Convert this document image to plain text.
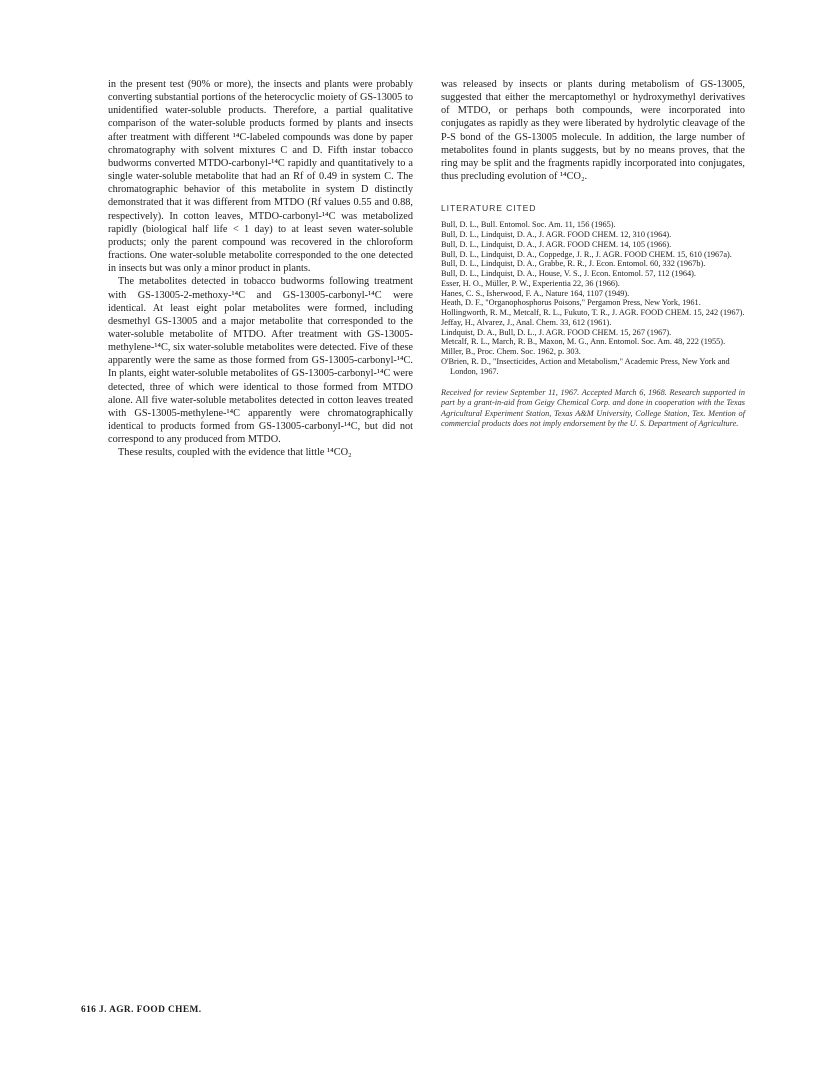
in the present test (90% or more), the insects and plants were probably converting substantial portions of the heterocyclic moiety of GS-13005 to unidentified water-soluble products. Therefore, a partial qualitative comparison of the water-soluble products formed by plants and insects after treatment with different ¹⁴C-labeled compounds was done by paper chromatography with solvent mixtures C and D. Fifth instar tobacco budworms converted MTDO-carbonyl-¹⁴C rapidly and quantitatively to a single water-soluble metabolite that had an Rf of 0.49 in system C. The chromatographic behavior of this metabolite in system D distinctly demonstrated that it was different from MTDO (Rf values 0.55 and 0.88, respectively). In cotton leaves, MTDO-carbonyl-¹⁴C was metabolized rapidly (biological half life < 1 day) to at least seven water-soluble products; only the parent compound was recovered in the chloroform fractions. One water-soluble metabolite corresponded to the one detected in insects but was only a minor product in plants.

The metabolites detected in tobacco budworms following treatment with GS-13005-2-methoxy-¹⁴C and GS-13005-carbonyl-¹⁴C were identical. At least eight polar metabolites were formed, including desmethyl GS-13005 and a major metabolite that corresponded to the water-soluble metabolite of MTDO. After treatment with GS-13005-methylene-¹⁴C, six water-soluble metabolites were detected. Five of these apparently were the same as those formed from GS-13005-carbonyl-¹⁴C. In plants, eight water-soluble metabolites of GS-13005-carbonyl-¹⁴C were detected, three of which were identical to those formed from MTDO alone. All five water-soluble metabolites detected in cotton leaves treated with GS-13005-methylene-¹⁴C apparently were chromatographically identical to products formed from GS-13005-carbonyl-¹⁴C, but did not correspond to any produced from MTDO.

These results, coupled with the evidence that little ¹⁴CO₂

was released by insects or plants during metabolism of GS-13005, suggested that either the mercaptomethyl or hydroxymethyl derivatives of MTDO, or perhaps both compounds, were incorporated into conjugates as rapidly as they were liberated by hydrolytic cleavage of the P-S bond of the GS-13005 molecule. In addition, the large number of metabolites found in plants suggests, but by no means proves, that the ring may be split and the fragments rapidly incorporated into conjugates, thus precluding evolution of ¹⁴CO₂.

LITERATURE CITED

Bull, D. L., Bull. Entomol. Soc. Am. 11, 156 (1965).

Bull, D. L., Lindquist, D. A., J. AGR. FOOD CHEM. 12, 310 (1964).

Bull, D. L., Lindquist, D. A., J. AGR. FOOD CHEM. 14, 105 (1966).

Bull, D. L., Lindquist, D. A., Coppedge, J. R., J. AGR. FOOD CHEM. 15, 610 (1967a).

Bull, D. L., Lindquist, D. A., Grabbe, R. R., J. Econ. Entomol. 60, 332 (1967b).

Bull, D. L., Lindquist, D. A., House, V. S., J. Econ. Entomol. 57, 112 (1964).

Esser, H. O., Müller, P. W., Experientia 22, 36 (1966).

Hanes, C. S., Isherwood, F. A., Nature 164, 1107 (1949).

Heath, D. F., "Organophosphorus Poisons," Pergamon Press, New York, 1961.

Hollingworth, R. M., Metcalf, R. L., Fukuto, T. R., J. AGR. FOOD CHEM. 15, 242 (1967).

Jeffay, H., Alvarez, J., Anal. Chem. 33, 612 (1961).

Lindquist, D. A., Bull, D. L., J. AGR. FOOD CHEM. 15, 267 (1967).

Metcalf, R. L., March, R. B., Maxon, M. G., Ann. Entomol. Soc. Am. 48, 222 (1955).

Miller, B., Proc. Chem. Soc. 1962, p. 303.

O'Brien, R. D., "Insecticides, Action and Metabolism," Academic Press, New York and London, 1967.

Received for review September 11, 1967. Accepted March 6, 1968. Research supported in part by a grant-in-aid from Geigy Chemical Corp. and done in cooperation with the Texas Agricultural Experiment Station, Texas A&M University, College Station, Tex. Mention of commercial products does not imply endorsement by the U. S. Department of Agriculture.

616 J. AGR. FOOD CHEM.
